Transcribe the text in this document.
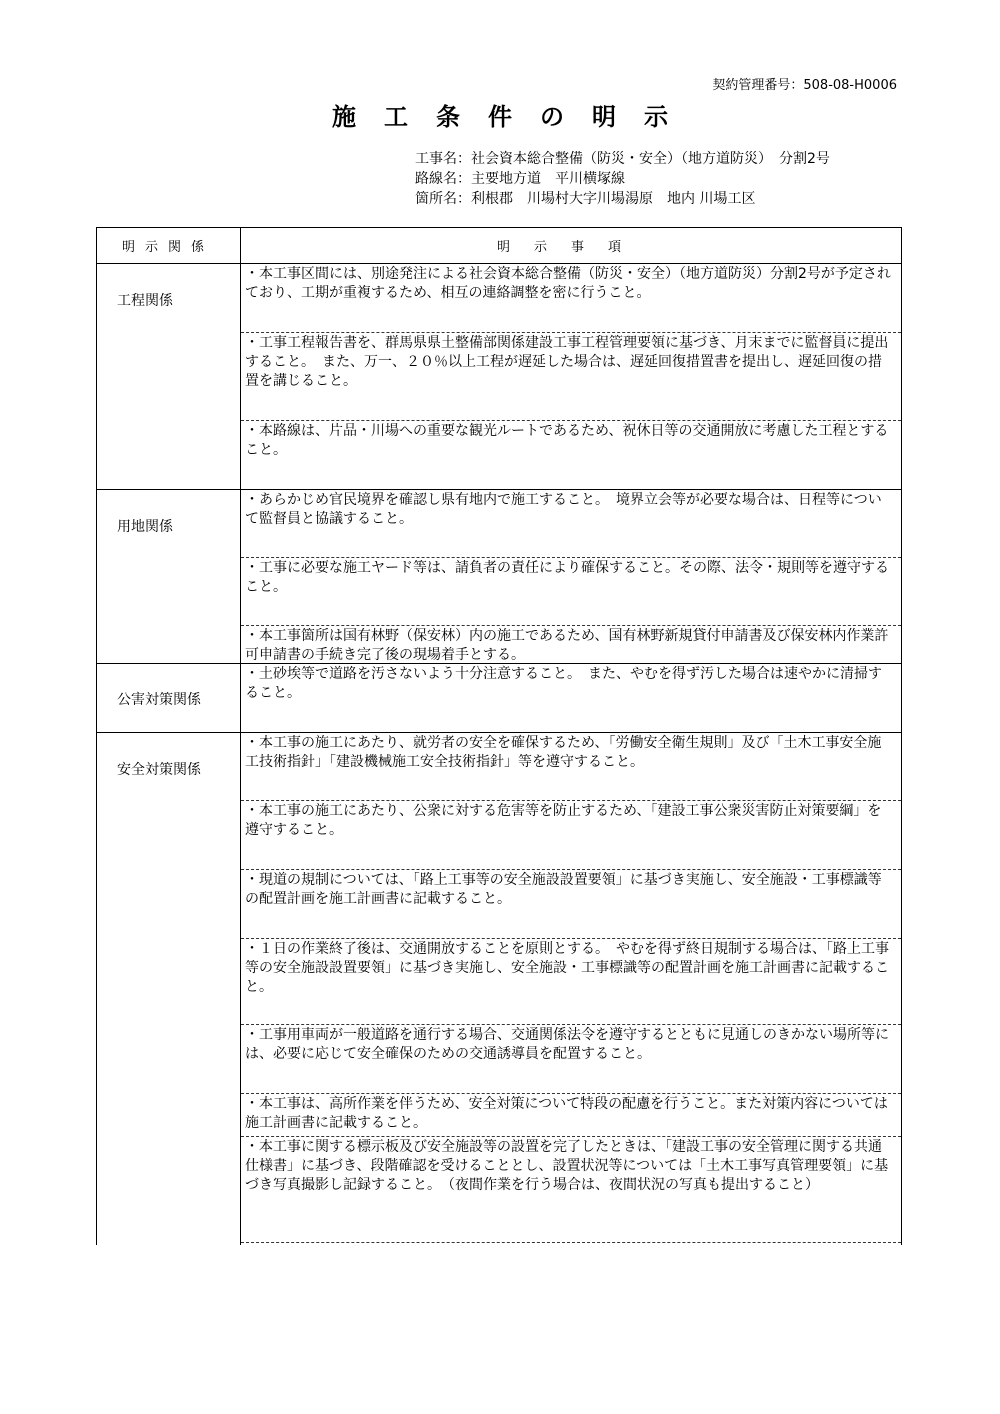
契約管理番号：508-08-H0006
施工条件の明示
工事名：社会資本総合整備（防災・安全）（地方道防災）　分割2号
路線名：主要地方道　平川横塚線
箇所名：利根郡　川場村大字川場湯原　地内 川場工区
明示関係	明示事項
工程関係
・本工事区間には、別途発注による社会資本総合整備（防災・安全）（地方道防災）分割2号が予定されており、工期が重複するため、相互の連絡調整を密に行うこと。
・工事工程報告書を、群馬県県土整備部関係建設工事工程管理要領に基づき、月末までに監督員に提出すること。　また、万一、２０％以上工程が遅延した場合は、遅延回復措置書を提出し、遅延回復の措置を講じること。
・本路線は、片品・川場への重要な観光ルートであるため、祝休日等の交通開放に考慮した工程とすること。
用地関係
・あらかじめ官民境界を確認し県有地内で施工すること。　境界立会等が必要な場合は、日程等について監督員と協議すること。
・工事に必要な施工ヤード等は、請負者の責任により確保すること。その際、法令・規則等を遵守すること。
・本工事箇所は国有林野（保安林）内の施工であるため、国有林野新規貸付申請書及び保安林内作業許可申請書の手続き完了後の現場着手とする。
公害対策関係
・土砂埃等で道路を汚さないよう十分注意すること。　また、やむを得ず汚した場合は速やかに清掃すること。
安全対策関係
・本工事の施工にあたり、就労者の安全を確保するため、「労働安全衛生規則」及び「土木工事安全施工技術指針」「建設機械施工安全技術指針」等を遵守すること。
・本工事の施工にあたり、公衆に対する危害等を防止するため、「建設工事公衆災害防止対策要綱」を遵守すること。
・現道の規制については、「路上工事等の安全施設設置要領」に基づき実施し、安全施設・工事標識等の配置計画を施工計画書に記載すること。
・１日の作業終了後は、交通開放することを原則とする。　やむを得ず終日規制する場合は、「路上工事等の安全施設設置要領」に基づき実施し、安全施設・工事標識等の配置計画を施工計画書に記載すること。
・工事用車両が一般道路を通行する場合、交通関係法令を遵守するとともに見通しのきかない場所等には、必要に応じて安全確保のための交通誘導員を配置すること。
・本工事は、高所作業を伴うため、安全対策について特段の配慮を行うこと。また対策内容については施工計画書に記載すること。
・本工事に関する標示板及び安全施設等の設置を完了したときは、「建設工事の安全管理に関する共通仕様書」に基づき、段階確認を受けることとし、設置状況等については「土木工事写真管理要領」に基づき写真撮影し記録すること。　（夜間作業を行う場合は、夜間状況の写真も提出すること）
